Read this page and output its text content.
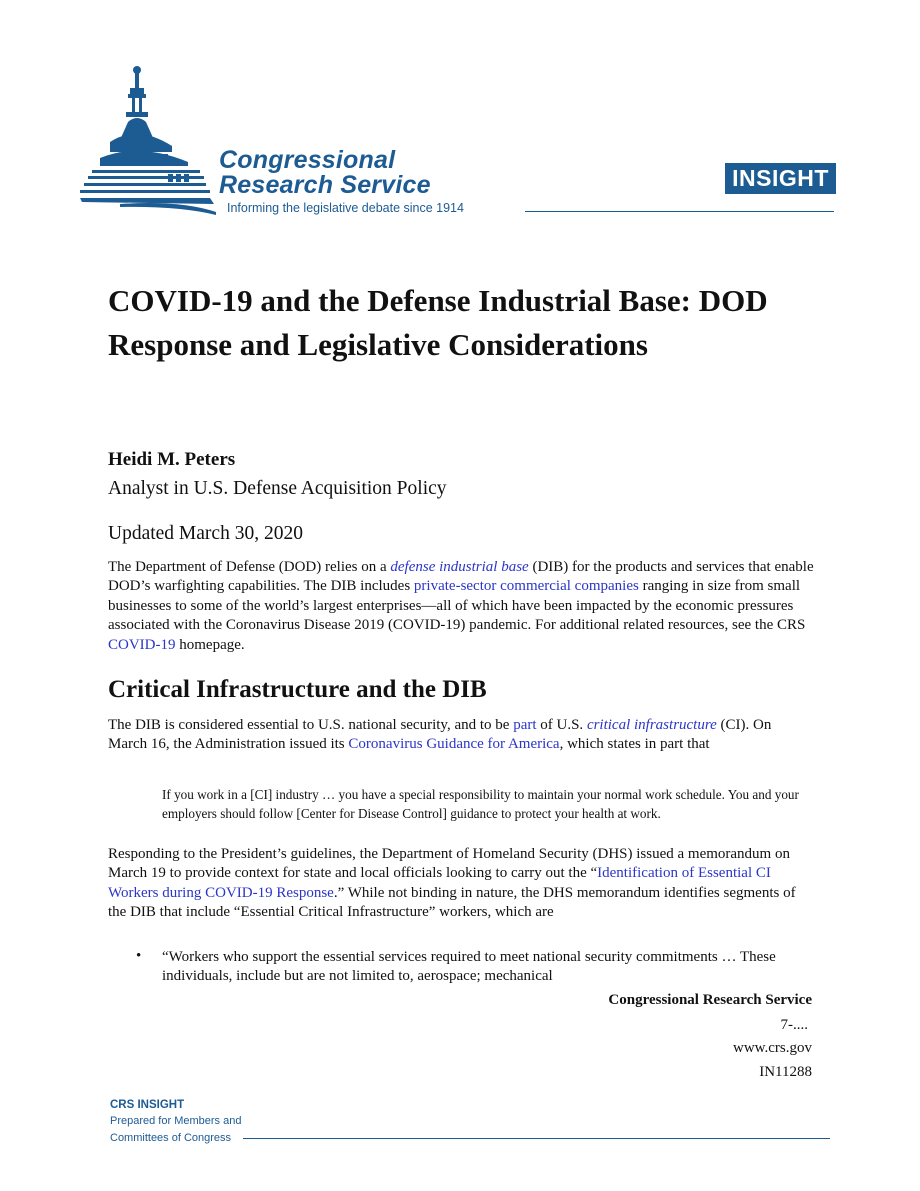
Congressional
Research Service
Informing the legislative debate since 1914
INSIGHT
COVID-19 and the Defense Industrial Base: DOD Response and Legislative Considerations
Heidi M. Peters
Analyst in U.S. Defense Acquisition Policy
Updated March 30, 2020

The Department of Defense (DOD) relies on a defense industrial base (DIB) for the products and services that enable DOD’s warfighting capabilities. The DIB includes private-sector commercial companies ranging in size from small businesses to some of the world’s largest enterprises—all of which have been impacted by the economic pressures associated with the Coronavirus Disease 2019 (COVID-19) pandemic. For additional related resources, see the CRS COVID-19 homepage.

Critical Infrastructure and the DIB

The DIB is considered essential to U.S. national security, and to be part of U.S. critical infrastructure (CI). On March 16, the Administration issued its Coronavirus Guidance for America, which states in part that

If you work in a [CI] industry … you have a special responsibility to maintain your normal work schedule. You and your employers should follow [Center for Disease Control] guidance to protect your health at work.

Responding to the President’s guidelines, the Department of Homeland Security (DHS) issued a memorandum on March 19 to provide context for state and local officials looking to carry out the “Identification of Essential CI Workers during COVID-19 Response.” While not binding in nature, the DHS memorandum identifies segments of the DIB that include “Essential Critical Infrastructure” workers, which are

• “Workers who support the essential services required to meet national security commitments … These individuals, include but are not limited to, aerospace; mechanical

Congressional Research Service
7-....
www.crs.gov
IN11288
CRS INSIGHT
Prepared for Members and
Committees of Congress
